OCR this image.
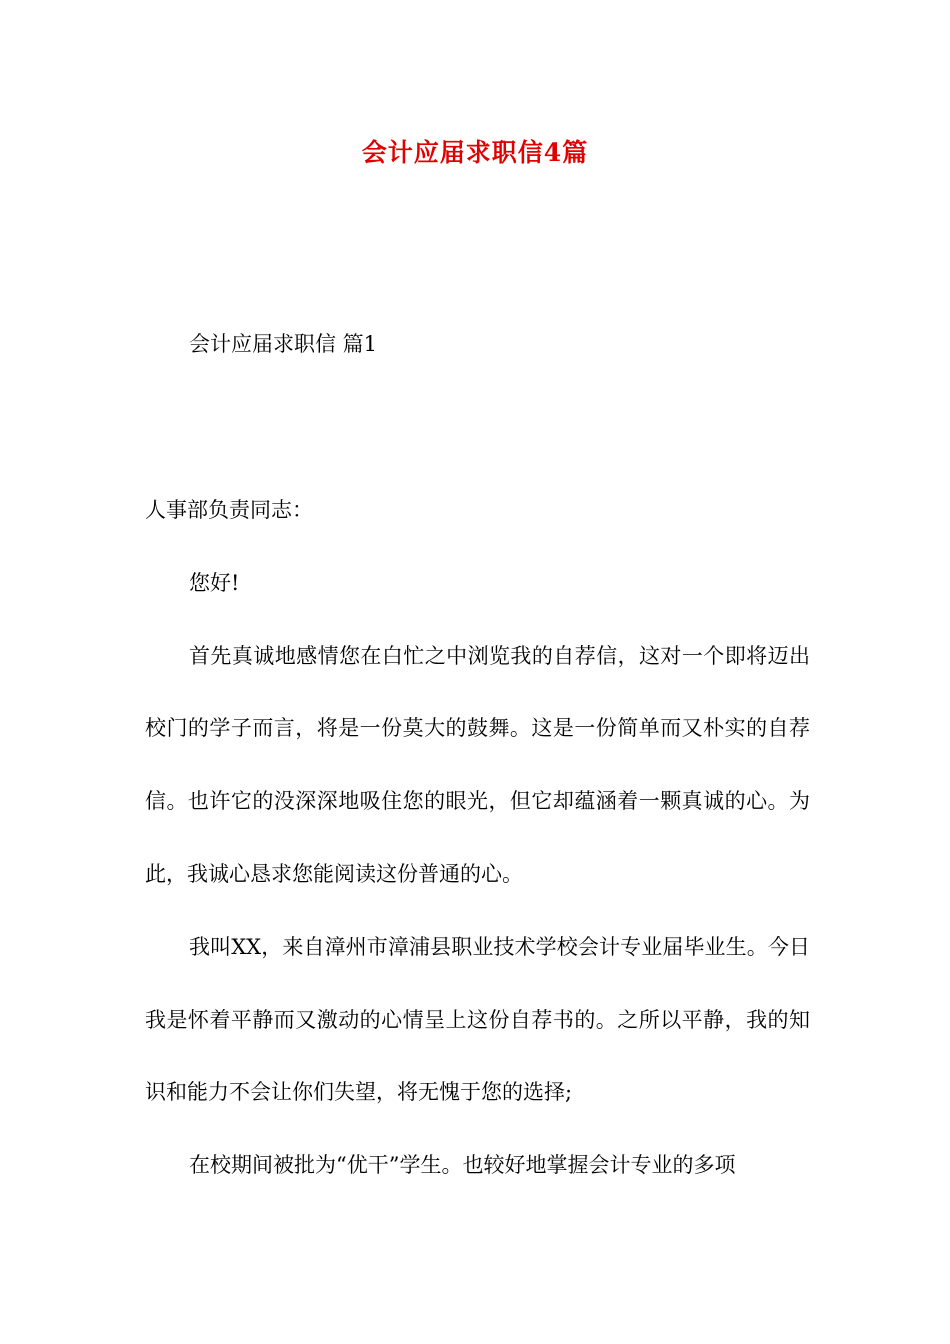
会计应届求职信4篇
会计应届求职信 篇1

人事部负责同志：

您好!

首先真诚地感情您在白忙之中浏览我的自荐信，这对一个即将迈出校门的学子而言，将是一份莫大的鼓舞。这是一份简单而又朴实的自荐信。也许它的没深深地吸住您的眼光，但它却蕴涵着一颗真诚的心。为此，我诚心恳求您能阅读这份普通的心。

我叫XX，来自漳州市漳浦县职业技术学校会计专业届毕业生。今日我是怀着平静而又激动的心情呈上这份自荐书的。之所以平静，我的知识和能力不会让你们失望，将无愧于您的选择;

在校期间被批为“优干”学生。也较好地掌握会计专业的多项
